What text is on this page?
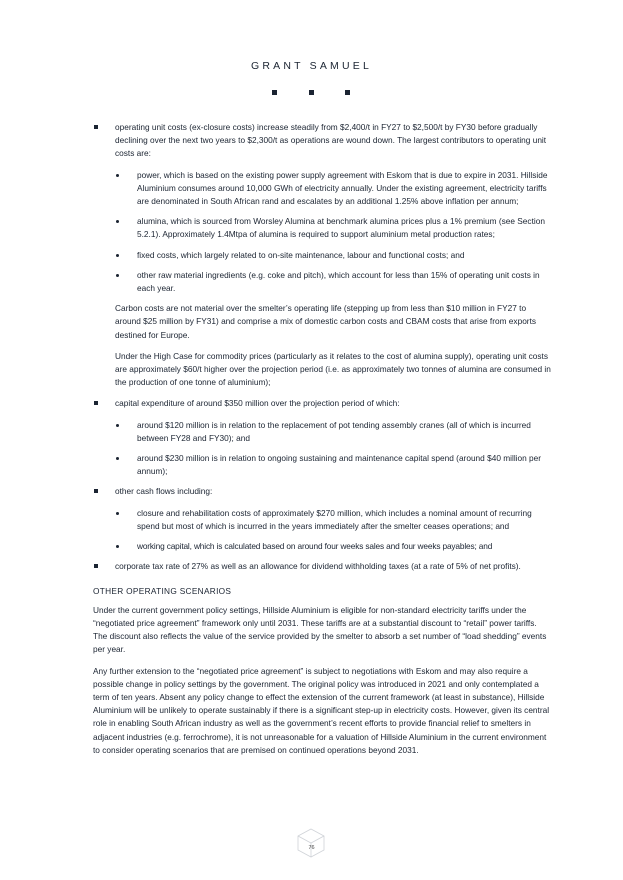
GRANT SAMUEL
operating unit costs (ex-closure costs) increase steadily from $2,400/t in FY27 to $2,500/t by FY30 before gradually declining over the next two years to $2,300/t as operations are wound down. The largest contributors to operating unit costs are:
power, which is based on the existing power supply agreement with Eskom that is due to expire in 2031. Hillside Aluminium consumes around 10,000 GWh of electricity annually. Under the existing agreement, electricity tariffs are denominated in South African rand and escalates by an additional 1.25% above inflation per annum;
alumina, which is sourced from Worsley Alumina at benchmark alumina prices plus a 1% premium (see Section 5.2.1). Approximately 1.4Mtpa of alumina is required to support aluminium metal production rates;
fixed costs, which largely related to on-site maintenance, labour and functional costs; and
other raw material ingredients (e.g. coke and pitch), which account for less than 15% of operating unit costs in each year.

Carbon costs are not material over the smelter’s operating life (stepping up from less than $10 million in FY27 to around $25 million by FY31) and comprise a mix of domestic carbon costs and CBAM costs that arise from exports destined for Europe.

Under the High Case for commodity prices (particularly as it relates to the cost of alumina supply), operating unit costs are approximately $60/t higher over the projection period (i.e. as approximately two tonnes of alumina are consumed in the production of one tonne of aluminium);

capital expenditure of around $350 million over the projection period of which:
around $120 million is in relation to the replacement of pot tending assembly cranes (all of which is incurred between FY28 and FY30); and
around $230 million is in relation to ongoing sustaining and maintenance capital spend (around $40 million per annum);
other cash flows including:
closure and rehabilitation costs of approximately $270 million, which includes a nominal amount of recurring spend but most of which is incurred in the years immediately after the smelter ceases operations; and
working capital, which is calculated based on around four weeks sales and four weeks payables; and
corporate tax rate of 27% as well as an allowance for dividend withholding taxes (at a rate of 5% of net profits).
OTHER OPERATING SCENARIOS

Under the current government policy settings, Hillside Aluminium is eligible for non-standard electricity tariffs under the “negotiated price agreement” framework only until 2031. These tariffs are at a substantial discount to “retail” power tariffs. The discount also reflects the value of the service provided by the smelter to absorb a set number of “load shedding” events per year.

Any further extension to the “negotiated price agreement” is subject to negotiations with Eskom and may also require a possible change in policy settings by the government. The original policy was introduced in 2021 and only contemplated a term of ten years. Absent any policy change to effect the extension of the current framework (at least in substance), Hillside Aluminium will be unlikely to operate sustainably if there is a significant step-up in electricity costs. However, given its central role in enabling South African industry as well as the government’s recent efforts to provide financial relief to smelters in adjacent industries (e.g. ferrochrome), it is not unreasonable for a valuation of Hillside Aluminium in the current environment to consider operating scenarios that are premised on continued operations beyond 2031.

76
